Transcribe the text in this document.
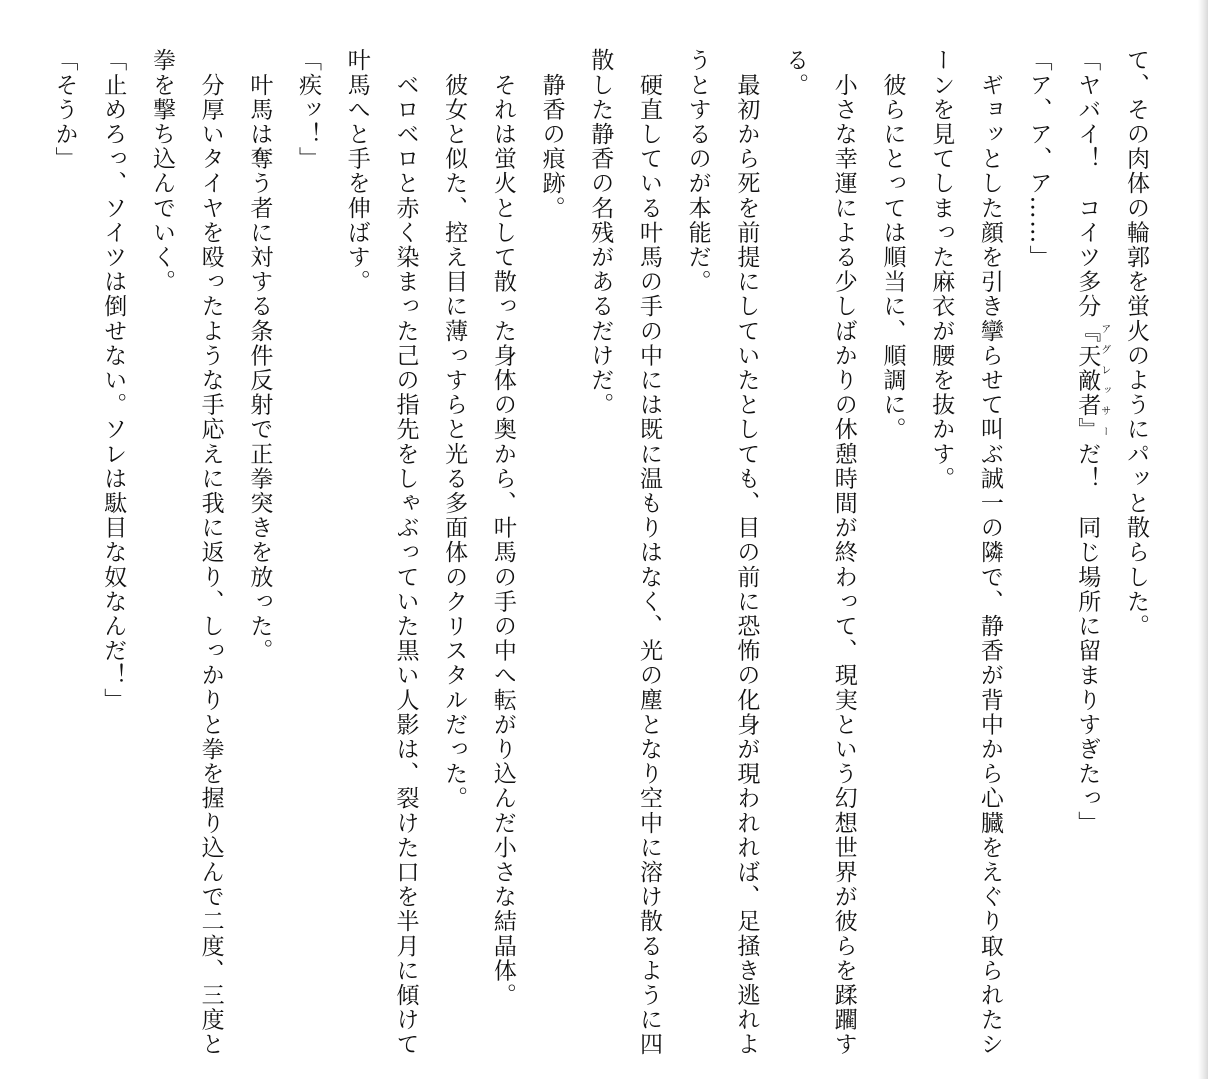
て、その肉体の輪郭を蛍火のようにパッと散らした。

「ヤバイ！　コイツ多分『天敵者』アグレッサーだ！　同じ場所に留まりすぎたっ」

「ア、ア、ア……」

　ギョッとした顔を引き攣らせて叫ぶ誠一の隣で、静香が背中から心臓をえぐり取られたシーンを見てしまった麻衣が腰を抜かす。

　彼らにとっては順当に、順調に。

　小さな幸運による少しばかりの休憩時間が終わって、現実という幻想世界が彼らを蹂躙する。

　最初から死を前提にしていたとしても、目の前に恐怖の化身が現われれば、足掻き逃れようとするのが本能だ。

　硬直している叶馬の手の中には既に温もりはなく、光の塵となり空中に溶け散るように四散した静香の名残があるだけだ。

　静香の痕跡。

　それは蛍火として散った身体の奥から、叶馬の手の中へ転がり込んだ小さな結晶体。

　彼女と似た、控え目に薄っすらと光る多面体のクリスタルだった。

　ベロベロと赤く染まった己の指先をしゃぶっていた黒い人影は、裂けた口を半月に傾けて叶馬へと手を伸ばす。

「疾ッ！」

　叶馬は奪う者に対する条件反射で正拳突きを放った。

　分厚いタイヤを殴ったような手応えに我に返り、しっかりと拳を握り込んで二度、三度と拳を撃ち込んでいく。

「止めろっ、ソイツは倒せない。ソレは駄目な奴なんだ！」

「そうか」
